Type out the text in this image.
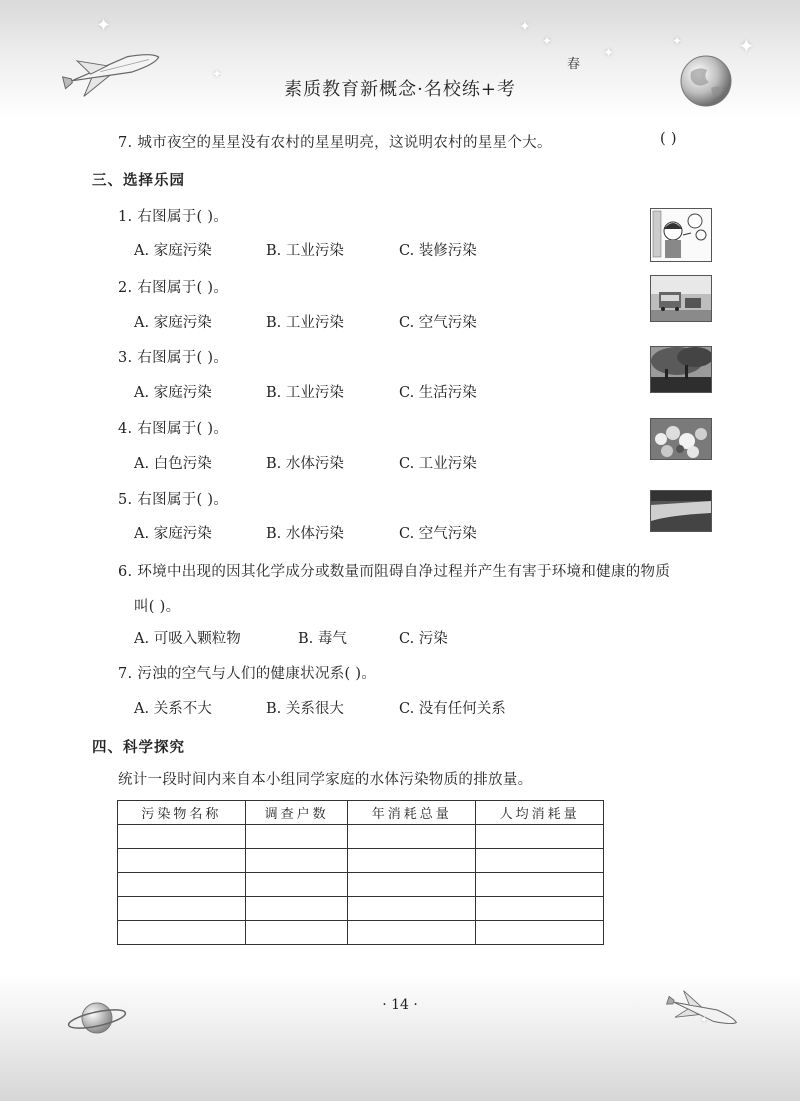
✦
✦
✦
✦
✦	✦
✦
素质教育新概念·名校练+考
春
7. 城市夜空的星星没有农村的星星明亮，这说明农村的星星个大。	( )
三、选择乐园
1. 右图属于( )。
A. 家庭污染	B. 工业污染	C. 装修污染
2. 右图属于( )。
A. 家庭污染	B. 工业污染	C. 空气污染
3. 右图属于( )。
A. 家庭污染	B. 工业污染	C. 生活污染
4. 右图属于( )。
A. 白色污染	B. 水体污染	C. 工业污染
5. 右图属于( )。
A. 家庭污染	B. 水体污染	C. 空气污染
6. 环境中出现的因其化学成分或数量而阻碍自净过程并产生有害于环境和健康的物质
叫( )。
A. 可吸入颗粒物	B. 毒气	C. 污染
7. 污浊的空气与人们的健康状况系( )。
A. 关系不大	B. 关系很大	C. 没有任何关系
四、科学探究
统计一段时间内来自本小组同学家庭的水体污染物质的排放量。
污染物名称	调查户数	年消耗总量	人均消耗量

· 14 ·
✦
